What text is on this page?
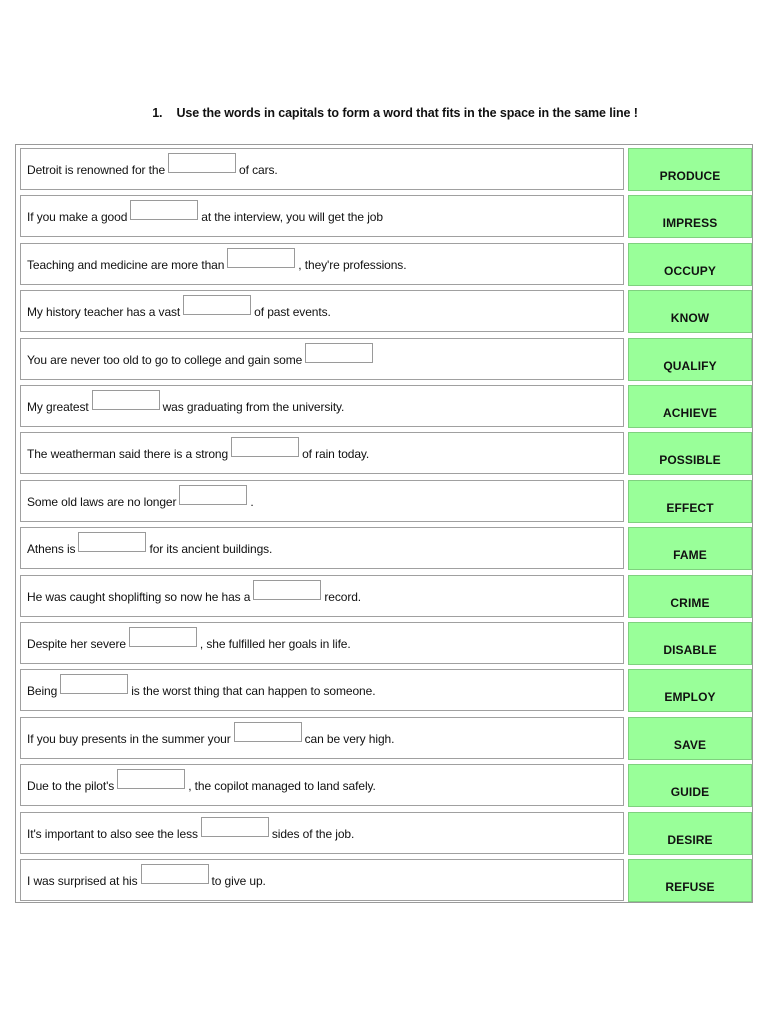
1. Use the words in capitals to form a word that fits in the space in the same line !
Detroit is renowned for the	of cars.	PRODUCE
If you make a good	at the interview, you will get the job	IMPRESS
Teaching and medicine are more than	, they're professions.	OCCUPY
My history teacher has a vast	of past events.	KNOW
You are never too old to go to college and gain some	QUALIFY
My greatest	was graduating from the university.	ACHIEVE
The weatherman said there is a strong	of rain today.	POSSIBLE
Some old laws are no longer	.	EFFECT
Athens is	for its ancient buildings.	FAME
He was caught shoplifting so now he has a	record.	CRIME
Despite her severe	, she fulfilled her goals in life.	DISABLE
Being	is the worst thing that can happen to someone.	EMPLOY
If you buy presents in the summer your	can be very high.	SAVE
Due to the pilot's	, the copilot managed to land safely.	GUIDE
It's important to also see the less	sides of the job.	DESIRE
I was surprised at his	to give up.	REFUSE
